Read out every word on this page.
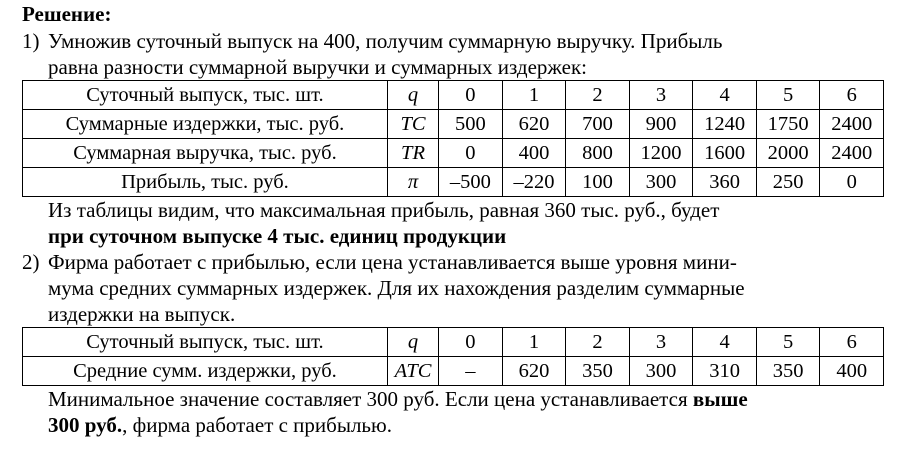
Решение:
1) Умножив суточный выпуск на 400, получим суммарную выручку. Прибыль
равна разности суммарной выручки и суммарных издержек:
Суточный выпуск, тыс. шт.	q	0	1	2	3	4	5	6
Суммарные издержки, тыс. руб.	TC	500	620	700	900	1240	1750	2400
Суммарная выручка, тыс. руб.	TR	0	400	800	1200	1600	2000	2400
Прибыль, тыс. руб.	π	–500	–220	100	300	360	250	0
Из таблицы видим, что максимальная прибыль, равная 360 тыс. руб., будет
при суточном выпуске 4 тыс. единиц продукции
2) Фирма работает с прибылью, если цена устанавливается выше уровня мини-
мума средних суммарных издержек. Для их нахождения разделим суммарные
издержки на выпуск.
Суточный выпуск, тыс. шт.	q	0	1	2	3	4	5	6
Средние сумм. издержки, руб.	ATC	–	620	350	300	310	350	400
Минимальное значение составляет 300 руб. Если цена устанавливается выше
300 руб., фирма работает с прибылью.
